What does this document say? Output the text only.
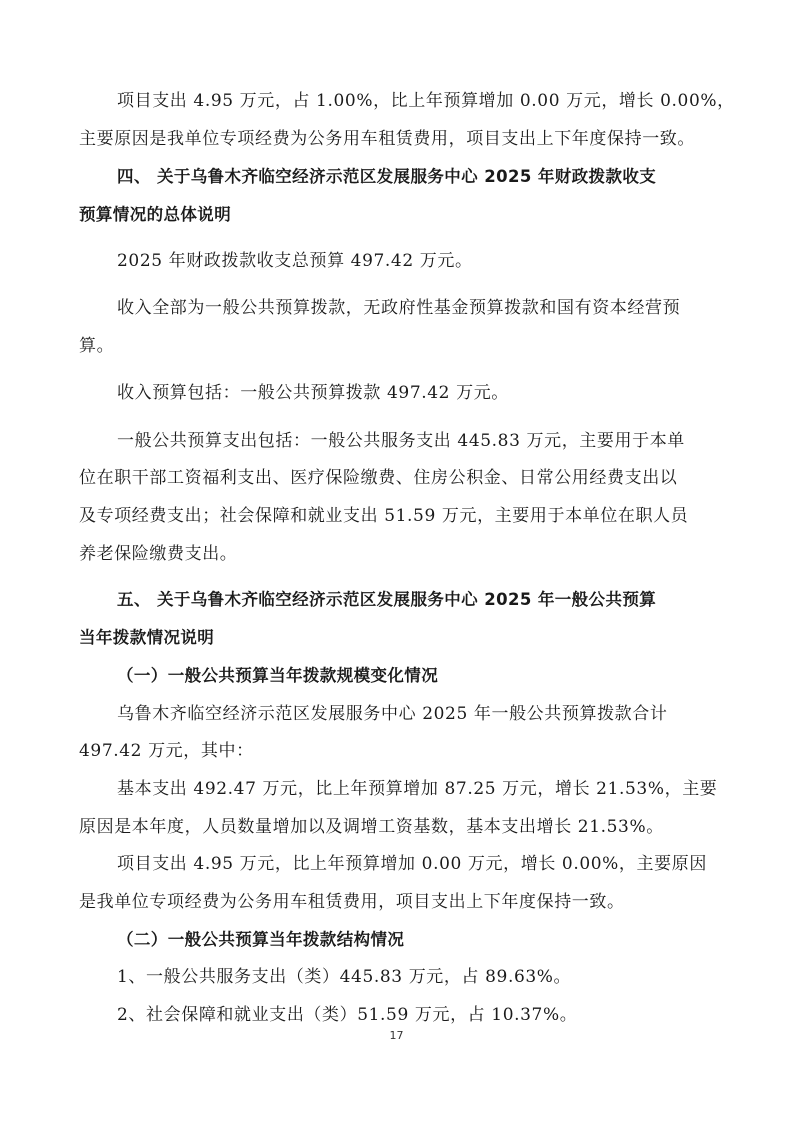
项目支出 4.95 万元，占 1.00%，比上年预算增加 0.00 万元，增长 0.00%，
主要原因是我单位专项经费为公务用车租赁费用，项目支出上下年度保持一致。
四、 关于乌鲁木齐临空经济示范区发展服务中心 2025 年财政拨款收支
预算情况的总体说明
2025 年财政拨款收支总预算 497.42 万元。
收入全部为一般公共预算拨款，无政府性基金预算拨款和国有资本经营预
算。
收入预算包括：一般公共预算拨款 497.42 万元。
一般公共预算支出包括：一般公共服务支出 445.83 万元，主要用于本单
位在职干部工资福利支出、医疗保险缴费、住房公积金、日常公用经费支出以
及专项经费支出；社会保障和就业支出 51.59 万元，主要用于本单位在职人员
养老保险缴费支出。
五、 关于乌鲁木齐临空经济示范区发展服务中心 2025 年一般公共预算
当年拨款情况说明
（一）一般公共预算当年拨款规模变化情况
乌鲁木齐临空经济示范区发展服务中心 2025 年一般公共预算拨款合计
497.42 万元，其中：
基本支出 492.47 万元，比上年预算增加 87.25 万元，增长 21.53%，主要
原因是本年度，人员数量增加以及调增工资基数，基本支出增长 21.53%。
项目支出 4.95 万元，比上年预算增加 0.00 万元，增长 0.00%，主要原因
是我单位专项经费为公务用车租赁费用，项目支出上下年度保持一致。
（二）一般公共预算当年拨款结构情况
1、一般公共服务支出（类）445.83 万元，占 89.63%。
2、社会保障和就业支出（类）51.59 万元，占 10.37%。
17
